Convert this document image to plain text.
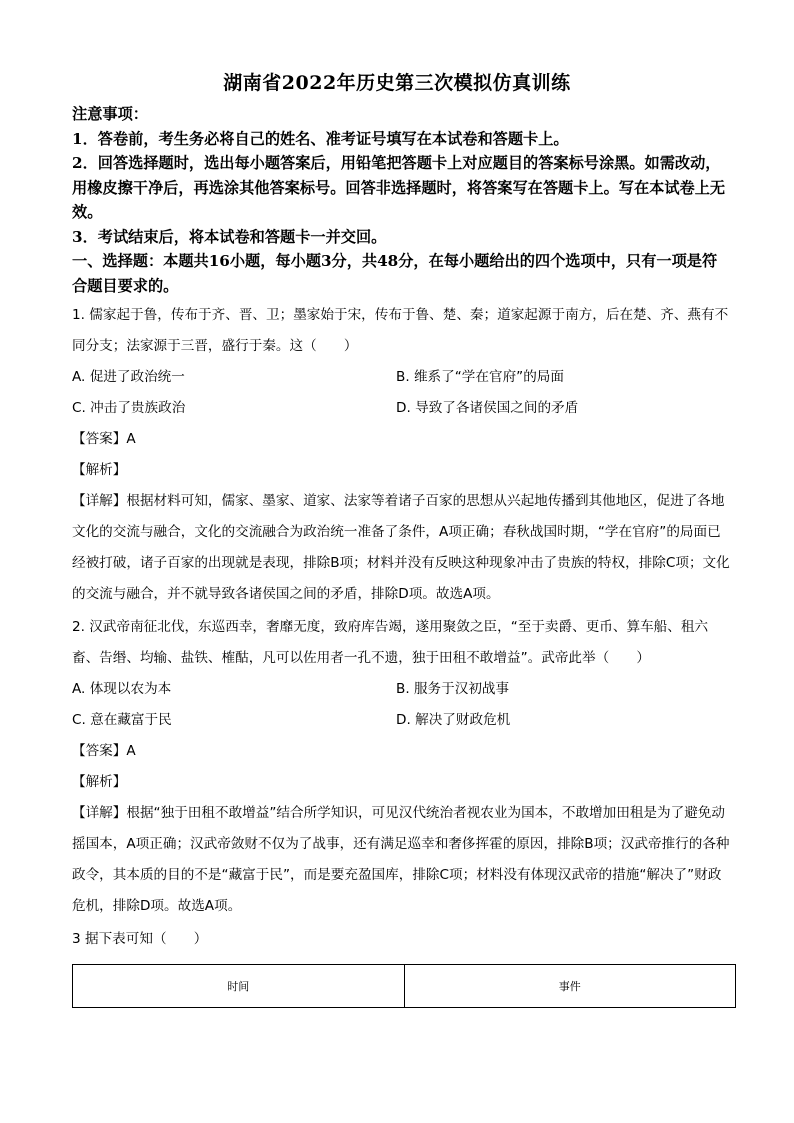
湖南省2022年历史第三次模拟仿真训练

注意事项：

1．答卷前，考生务必将自己的姓名、准考证号填写在本试卷和答题卡上。

2．回答选择题时，选出每小题答案后，用铅笔把答题卡上对应题目的答案标号涂黑。如需改动，用橡皮擦干净后，再选涂其他答案标号。回答非选择题时，将答案写在答题卡上。写在本试卷上无效。

3．考试结束后，将本试卷和答题卡一并交回。

一、选择题：本题共16小题，每小题3分，共48分，在每小题给出的四个选项中，只有一项是符合题目要求的。

1. 儒家起于鲁，传布于齐、晋、卫；墨家始于宋，传布于鲁、楚、秦；道家起源于南方，后在楚、齐、燕有不同分支；法家源于三晋，盛行于秦。这（　　）

A. 促进了政治统一	B. 维系了“学在官府”的局面
C. 冲击了贵族政治	D. 导致了各诸侯国之间的矛盾

【答案】A

【解析】

【详解】根据材料可知，儒家、墨家、道家、法家等着诸子百家的思想从兴起地传播到其他地区，促进了各地文化的交流与融合，文化的交流融合为政治统一准备了条件，A项正确；春秋战国时期，“学在官府”的局面已经被打破，诸子百家的出现就是表现，排除B项；材料并没有反映这种现象冲击了贵族的特权，排除C项；文化的交流与融合，并不就导致各诸侯国之间的矛盾，排除D项。故选A项。

2. 汉武帝南征北伐，东巡西幸，奢靡无度，致府库告竭，遂用聚敛之臣，“至于卖爵、更币、算车船、租六畜、告缗、均输、盐铁、榷酤，凡可以佐用者一孔不遗，独于田租不敢增益”。武帝此举（　　）

A. 体现以农为本	B. 服务于汉初战事
C. 意在藏富于民	D. 解决了财政危机

【答案】A

【解析】

【详解】根据“独于田租不敢增益”结合所学知识，可见汉代统治者视农业为国本，不敢增加田租是为了避免动摇国本，A项正确；汉武帝敛财不仅为了战事，还有满足巡幸和奢侈挥霍的原因，排除B项；汉武帝推行的各种政令，其本质的目的不是“藏富于民”，而是要充盈国库，排除C项；材料没有体现汉武帝的措施“解决了”财政危机，排除D项。故选A项。

3 据下表可知（　　）

时间	事件
